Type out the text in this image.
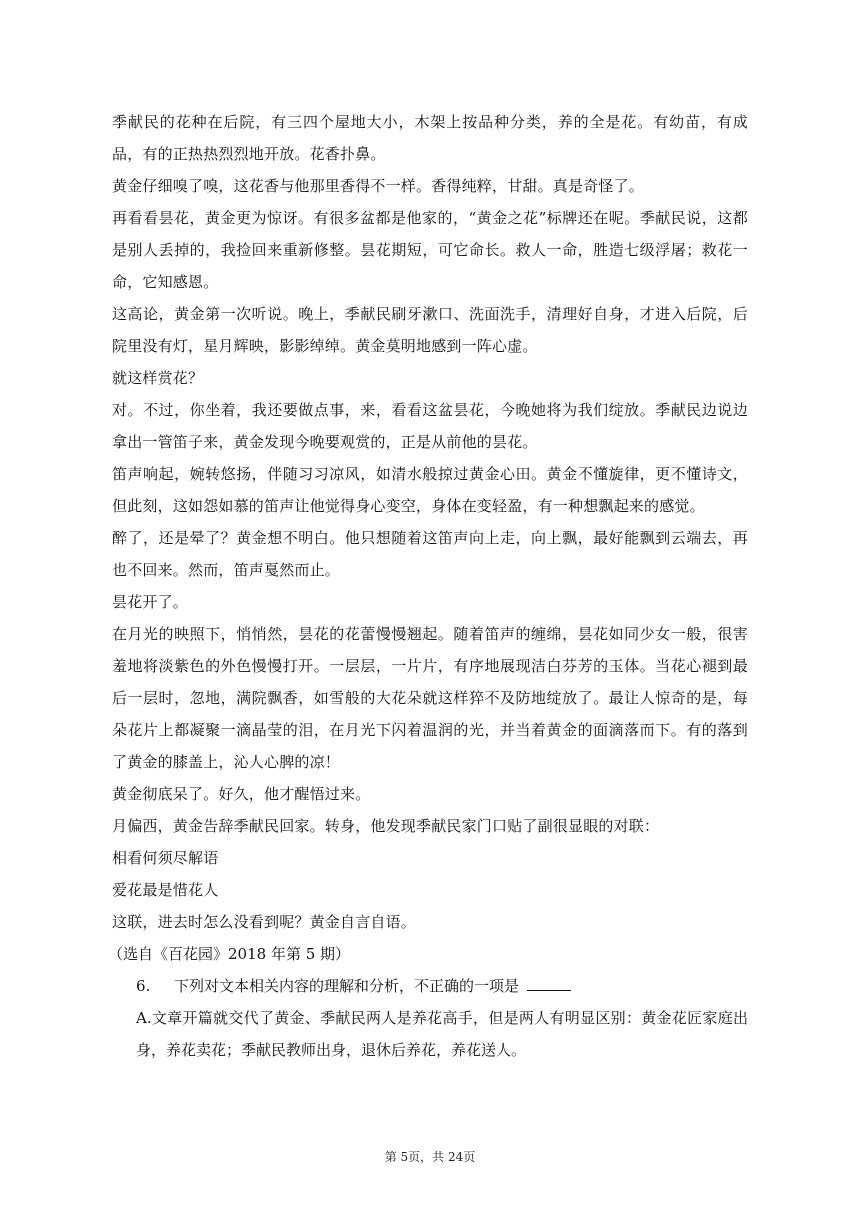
季献民的花种在后院，有三四个屋地大小，木架上按品种分类，养的全是花。有幼苗，有成品，有的正热热烈烈地开放。花香扑鼻。

黄金仔细嗅了嗅，这花香与他那里香得不一样。香得纯粹，甘甜。真是奇怪了。

再看看昙花，黄金更为惊讶。有很多盆都是他家的，“黄金之花”标牌还在呢。季献民说，这都是别人丢掉的，我捡回来重新修整。昙花期短，可它命长。救人一命，胜造七级浮屠；救花一命，它知感恩。

这高论，黄金第一次听说。晚上，季献民刷牙漱口、洗面洗手，清理好自身，才进入后院，后院里没有灯，星月辉映，影影绰绰。黄金莫明地感到一阵心虚。

就这样赏花？

对。不过，你坐着，我还要做点事，来，看看这盆昙花，今晚她将为我们绽放。季献民边说边拿出一管笛子来，黄金发现今晚要观赏的，正是从前他的昙花。

笛声响起，婉转悠扬，伴随习习凉风，如清水般掠过黄金心田。黄金不懂旋律，更不懂诗文，但此刻，这如怨如慕的笛声让他觉得身心变空，身体在变轻盈，有一种想飘起来的感觉。

醉了，还是晕了？黄金想不明白。他只想随着这笛声向上走，向上飘，最好能飘到云端去，再也不回来。然而，笛声戛然而止。

昙花开了。

在月光的映照下，悄悄然，昙花的花蕾慢慢翘起。随着笛声的缠绵，昙花如同少女一般，很害羞地将淡紫色的外色慢慢打开。一层层，一片片，有序地展现洁白芬芳的玉体。当花心褪到最后一层时，忽地，满院飘香，如雪般的大花朵就这样猝不及防地绽放了。最让人惊奇的是，每朵花片上都凝聚一滴晶莹的泪，在月光下闪着温润的光，并当着黄金的面滴落而下。有的落到了黄金的膝盖上，沁人心脾的凉！

黄金彻底呆了。好久，他才醒悟过来。

月偏西，黄金告辞季献民回家。转身，他发现季献民家门口贴了副很显眼的对联：

相看何须尽解语

爱花最是惜花人

这联，进去时怎么没看到呢？黄金自言自语。

（选自《百花园》2018 年第 5 期）

6. 下列对文本相关内容的理解和分析，不正确的一项是

A.文章开篇就交代了黄金、季献民两人是养花高手，但是两人有明显区别：黄金花匠家庭出身，养花卖花；季献民教师出身，退休后养花，养花送人。

第 5页，共 24页
